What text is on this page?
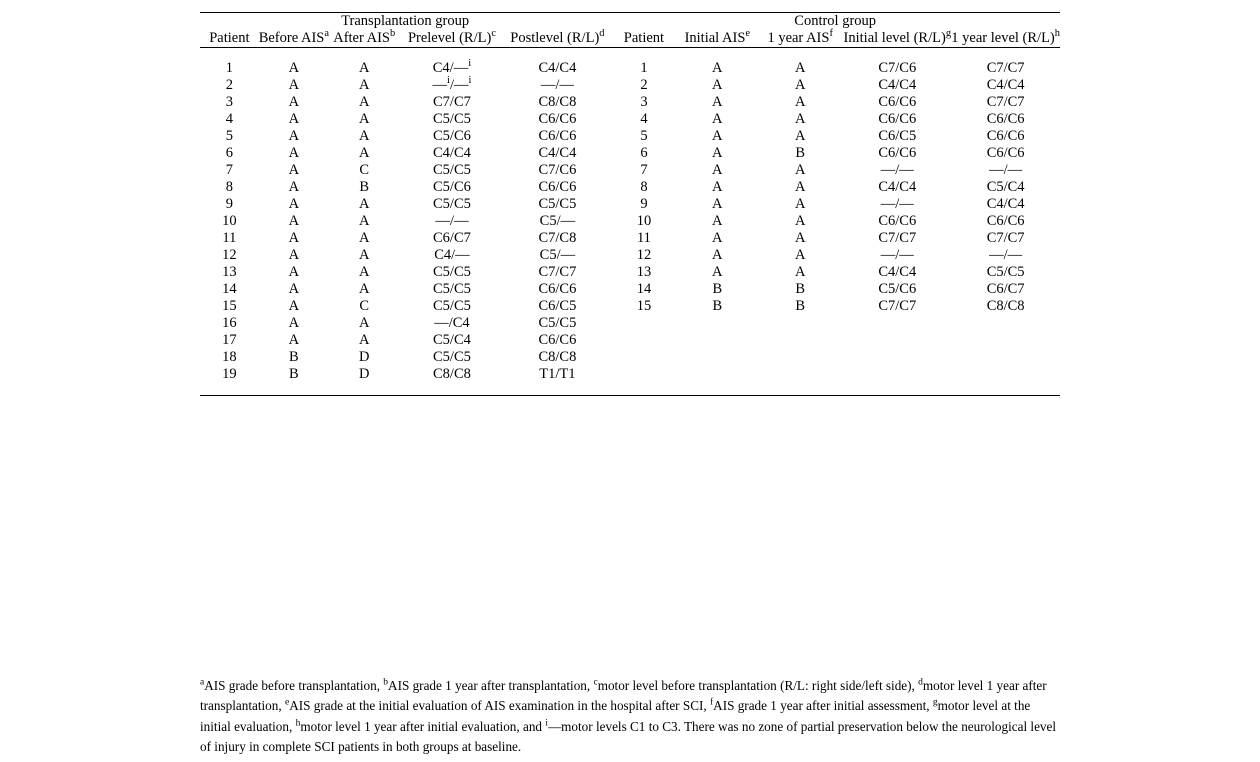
Transplantation group					Control group				
Patient	Before AIS$^a$	After AIS$^b$	Prelevel $(R/L)^c$	Postlevel $(R/L)^d$	Patient	Initial AIS$^e$	1 year AIS$^f$	Initial level $(R/L)^g$	1 year level $(R/L)^h$

1	A	A	C4/—$^i$	C4/C4	1	A	A	C7/C6	C7/C7
2	A	A	—$^i$/—$^i$	—/—	2	A	A	C4/C4	C4/C4
3	A	A	C7/C7	C8/C8	3	A	A	C6/C6	C7/C7
4	A	A	C5/C5	C6/C6	4	A	A	C6/C6	C6/C6
5	A	A	C5/C6	C6/C6	5	A	A	C6/C5	C6/C6
6	A	A	C4/C4	C4/C4	6	A	B	C6/C6	C6/C6
7	A	C	C5/C5	C7/C6	7	A	A	—/—	—/—
8	A	B	C5/C6	C6/C6	8	A	A	C4/C4	C5/C4
9	A	A	C5/C5	C5/C5	9	A	A	—/—	C4/C4
10	A	A	—/—	C5/—	10	A	A	C6/C6	C6/C6
11	A	A	C6/C7	C7/C8	11	A	A	C7/C7	C7/C7
12	A	A	C4/—	C5/—	12	A	A	—/—	—/—
13	A	A	C5/C5	C7/C7	13	A	A	C4/C4	C5/C5
14	A	A	C5/C5	C6/C6	14	B	B	C5/C6	C6/C7
15	A	C	C5/C5	C6/C5	15	B	B	C7/C7	C8/C8
16	A	A	—/C4	C5/C5					
17	A	A	C5/C4	C6/C6					
18	B	D	C5/C5	C8/C8					
19	B	D	C8/C8	T1/T1					

$^a$AIS grade before transplantation, $^b$AIS grade 1 year after transplantation, $^c$motor level before transplantation (R/L: right side/left side), $^d$motor level 1 year after transplantation, $^e$AIS grade at the initial evaluation of AIS examination in the hospital after SCI, $^f$AIS grade 1 year after initial assessment, $^g$motor level at the initial evaluation, $^h$motor level 1 year after initial evaluation, and $^i$—motor levels C1 to C3. There was no zone of partial preservation below the neurological level of injury in complete SCI patients in both groups at baseline.
